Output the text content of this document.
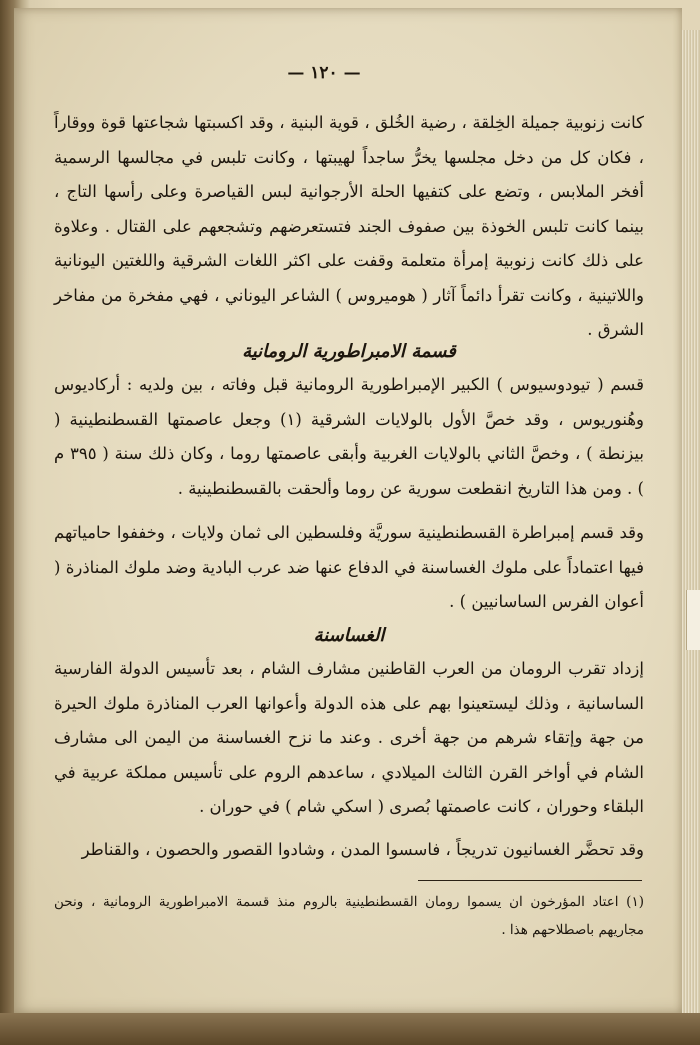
— ١٢٠ —
كانت زنوبية جميلة الخِلقة ، رضية الخُلق ، قوية البنية ، وقد اكسبتها شجاعتها قوة ووقاراً ، فكان كل من دخل مجلسها يخرُّ ساجداً لهيبتها ، وكانت تلبس في مجالسها الرسمية أفخر الملابس ، وتضع على كتفيها الحلة الأرجوانية لبس القياصرة وعلى رأسها التاج ، بينما كانت تلبس الخوذة بين صفوف الجند فتستعرضهم وتشجعهم على القتال . وعلاوة على ذلك كانت زنوبية إمرأة متعلمة وقفت على اكثر اللغات الشرقية واللغتين اليونانية واللاتينية ، وكانت تقرأ دائماً آثار ( هوميروس ) الشاعر اليوناني ، فهي مفخرة من مفاخر الشرق .
قسمة الامبراطورية الرومانية
قسم ( تيودوسيوس ) الكبير الإمبراطورية الرومانية قبل وفاته ، بين ولديه : أركاديوس وهُنوريوس ، وقد خصَّ الأول بالولايات الشرقية (١) وجعل عاصمتها القسطنطينية ( بيزنطة ) ، وخصَّ الثاني بالولايات الغربية وأبقى عاصمتها روما ، وكان ذلك سنة ( ٣٩٥ م ) . ومن هذا التاريخ انقطعت سورية عن روما وألحقت بالقسطنطينية .
وقد قسم إمبراطرة القسطنطينية سوريَّة وفلسطين الى ثمان ولايات ، وخففوا حامياتهم فيها اعتماداً على ملوك الغساسنة في الدفاع عنها ضد عرب البادية وضد ملوك المناذرة ( أعوان الفرس الساسانيين ) .
الغساسنة
إزداد تقرب الرومان من العرب القاطنين مشارف الشام ، بعد تأسيس الدولة الفارسية الساسانية ، وذلك ليستعينوا بهم على هذه الدولة وأعوانها العرب المناذرة ملوك الحيرة من جهة وإتقاء شرهم من جهة أخرى . وعند ما نزح الغساسنة من اليمن الى مشارف الشام في أواخر القرن الثالث الميلادي ، ساعدهم الروم على تأسيس مملكة عربية في البلقاء وحوران ، كانت عاصمتها بُصرى ( اسكي شام ) في حوران .
وقد تحضَّر الغسانيون تدريجاً ، فاسسوا المدن ، وشادوا القصور والحصون ، والقناطر
(١) اعتاد المؤرخون ان يسموا رومان القسطنطينية بالروم منذ قسمة الامبراطورية الرومانية ، ونحن مجاريهم باصطلاحهم هذا .
